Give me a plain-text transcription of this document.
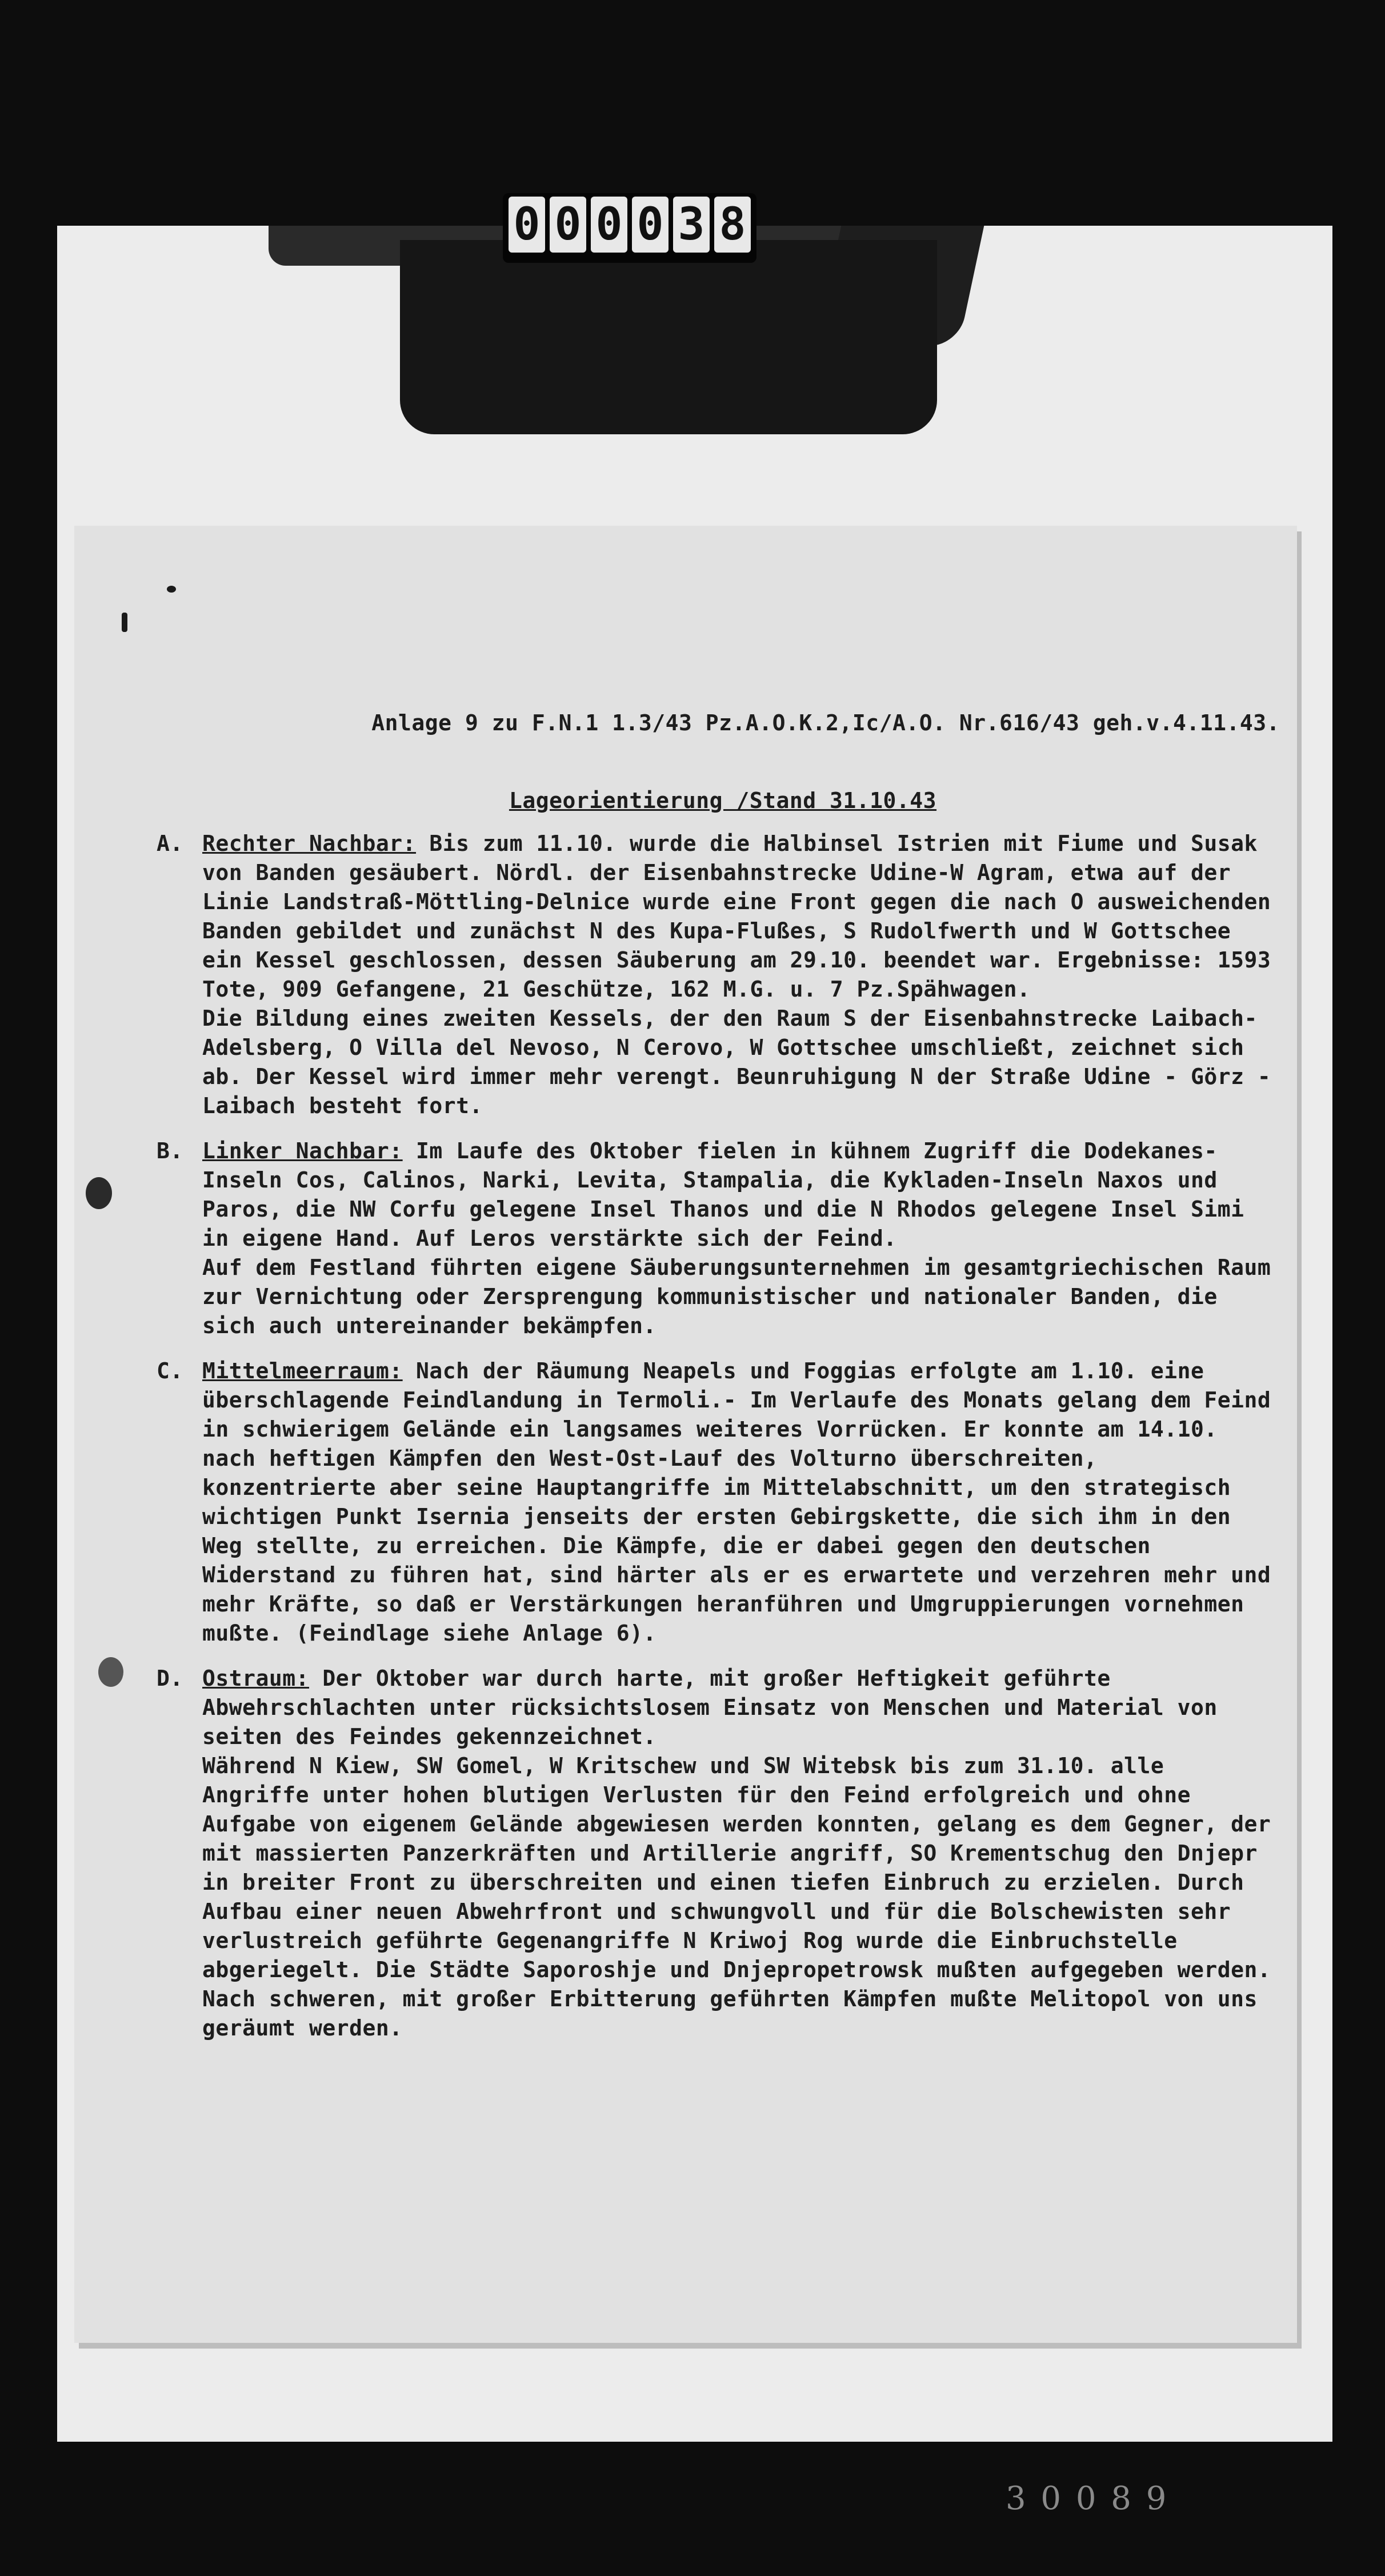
0 0 0 0 3 8
Anlage 9 zu F.N.1 1.3/43 Pz.A.O.K.2,Ic/A.O. Nr.616/43 geh.v.4.11.43.
Lageorientierung /Stand 31.10.43
A. Rechter Nachbar: Bis zum 11.10. wurde die Halbinsel Istrien mit Fiume und Susak von Banden gesäubert. Nördl. der Eisenbahnstrecke Udine-W Agram, etwa auf der Linie Landstraß-Möttling-Delnice wurde eine Front gegen die nach O ausweichenden Banden gebildet und zunächst N des Kupa-Flußes, S Rudolfwerth und W Gottschee ein Kessel geschlossen, dessen Säuberung am 29.10. beendet war. Ergebnisse: 1593 Tote, 909 Gefangene, 21 Geschütze, 162 M.G. u. 7 Pz.Spähwagen.
Die Bildung eines zweiten Kessels, der den Raum S der Eisenbahnstrecke Laibach-Adelsberg, O Villa del Nevoso, N Cerovo, W Gottschee umschließt, zeichnet sich ab. Der Kessel wird immer mehr verengt. Beunruhigung N der Straße Udine - Görz - Laibach besteht fort.

B. Linker Nachbar: Im Laufe des Oktober fielen in kühnem Zugriff die Dodekanes-Inseln Cos, Calinos, Narki, Levita, Stampalia, die Kykladen-Inseln Naxos und Paros, die NW Corfu gelegene Insel Thanos und die N Rhodos gelegene Insel Simi in eigene Hand. Auf Leros verstärkte sich der Feind.
Auf dem Festland führten eigene Säuberungsunternehmen im gesamtgriechischen Raum zur Vernichtung oder Zersprengung kommunistischer und nationaler Banden, die sich auch untereinander bekämpfen.

C. Mittelmeerraum: Nach der Räumung Neapels und Foggias erfolgte am 1.10. eine überschlagende Feindlandung in Termoli.- Im Verlaufe des Monats gelang dem Feind in schwierigem Gelände ein langsames weiteres Vorrücken. Er konnte am 14.10. nach heftigen Kämpfen den West-Ost-Lauf des Volturno überschreiten, konzentrierte aber seine Hauptangriffe im Mittelabschnitt, um den strategisch wichtigen Punkt Isernia jenseits der ersten Gebirgskette, die sich ihm in den Weg stellte, zu erreichen. Die Kämpfe, die er dabei gegen den deutschen Widerstand zu führen hat, sind härter als er es erwartete und verzehren mehr und mehr Kräfte, so daß er Verstärkungen heranführen und Umgruppierungen vornehmen mußte. (Feindlage siehe Anlage 6).

D. Ostraum: Der Oktober war durch harte, mit großer Heftigkeit geführte Abwehrschlachten unter rücksichtslosem Einsatz von Menschen und Material von seiten des Feindes gekennzeichnet.
Während N Kiew, SW Gomel, W Kritschew und SW Witebsk bis zum 31.10. alle Angriffe unter hohen blutigen Verlusten für den Feind erfolgreich und ohne Aufgabe von eigenem Gelände abgewiesen werden konnten, gelang es dem Gegner, der mit massierten Panzerkräften und Artillerie angriff, SO Krementschug den Dnjepr in breiter Front zu überschreiten und einen tiefen Einbruch zu erzielen. Durch Aufbau einer neuen Abwehrfront und schwungvoll und für die Bolschewisten sehr verlustreich geführte Gegenangriffe N Kriwoj Rog wurde die Einbruchstelle abgeriegelt. Die Städte Saporoshje und Dnjepropetrowsk mußten aufgegeben werden.
Nach schweren, mit großer Erbitterung geführten Kämpfen mußte Melitopol von uns geräumt werden.

3 0 0 8 9
